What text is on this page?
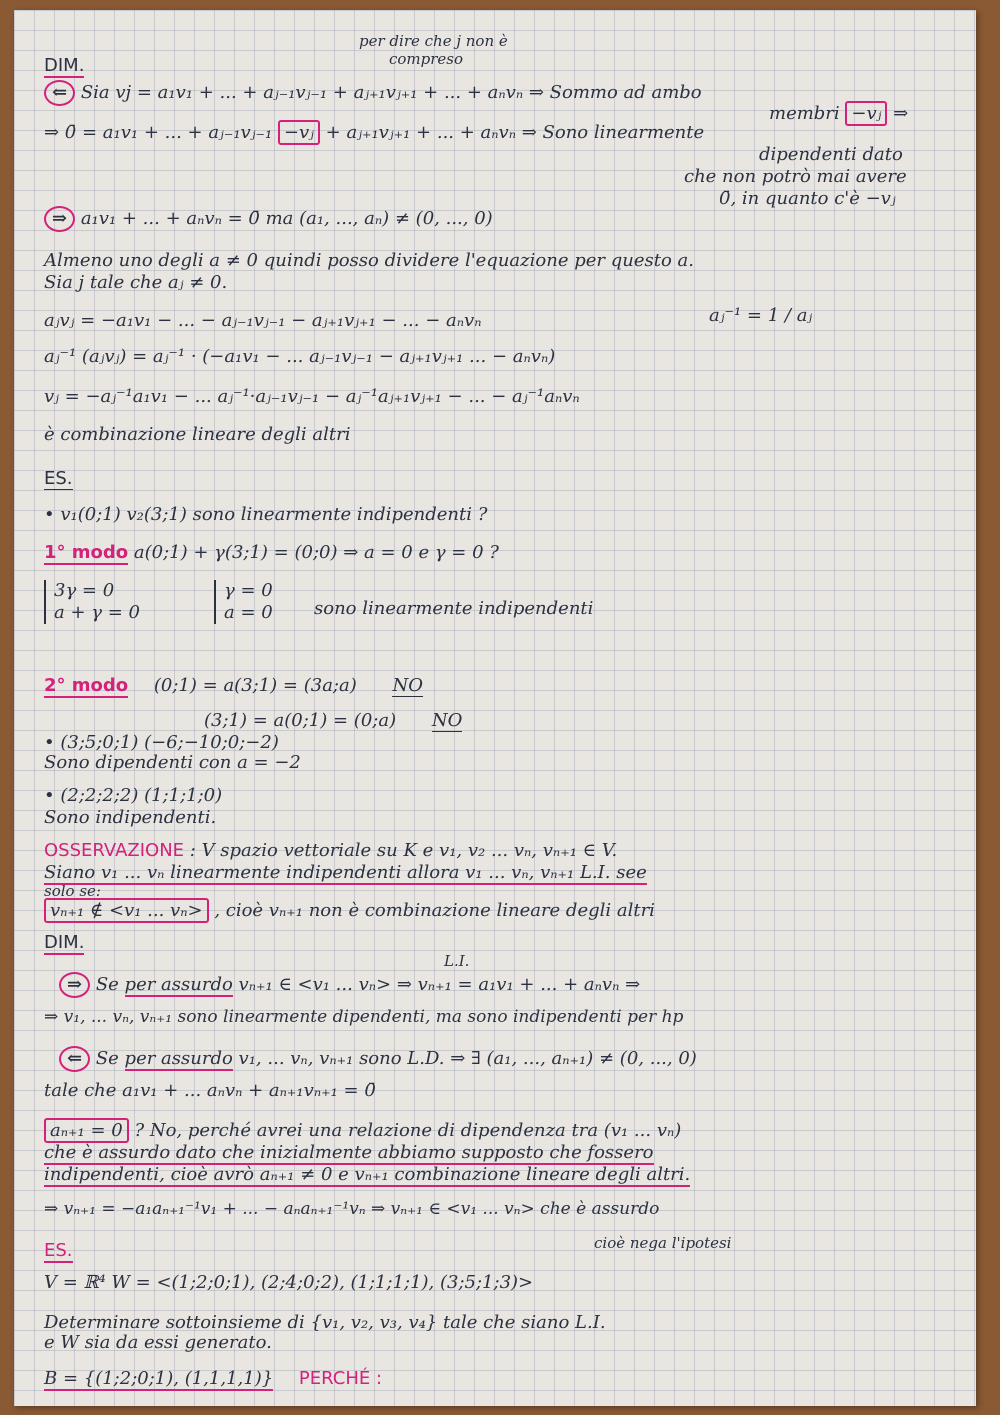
DIM.
per dire che j non è
compreso
⇐ Sia vj = a₁v₁ + ... + aⱼ₋₁vⱼ₋₁ + aⱼ₊₁vⱼ₊₁ + ... + aₙvₙ ⇒ Sommo ad ambo
membri −vⱼ ⇒
⇒ 0̄ = a₁v₁ + ... + aⱼ₋₁vⱼ₋₁ −vⱼ + aⱼ₊₁vⱼ₊₁ + ... + aₙvₙ ⇒ Sono linearmente
dipendenti dato
che non potrò mai avere
0̄, in quanto c'è −vⱼ
⇒ a₁v₁ + ... + aₙvₙ = 0̄ ma (a₁, ..., aₙ) ≠ (0, ..., 0)
Almeno uno degli a ≠ 0 quindi posso dividere l'equazione per questo a.
Sia j tale che aⱼ ≠ 0.
aⱼvⱼ = −a₁v₁ − ... − aⱼ₋₁vⱼ₋₁ − aⱼ₊₁vⱼ₊₁ − ... − aₙvₙ	aⱼ⁻¹ = 1 / aⱼ
aⱼ⁻¹ (aⱼvⱼ) = aⱼ⁻¹ · (−a₁v₁ − ... aⱼ₋₁vⱼ₋₁ − aⱼ₊₁vⱼ₊₁ ... − aₙvₙ)
vⱼ = −aⱼ⁻¹a₁v₁ − ... aⱼ⁻¹·aⱼ₋₁vⱼ₋₁ − aⱼ⁻¹aⱼ₊₁vⱼ₊₁ − ... − aⱼ⁻¹aₙvₙ
è combinazione lineare degli altri
ES.
• v₁(0;1) v₂(3;1) sono linearmente indipendenti ?
1° modo a(0;1) + γ(3;1) = (0;0) ⇒ a = 0 e γ = 0 ?
3γ = 0
a + γ = 0
γ = 0
a = 0	sono linearmente indipendenti
2° modo (0;1) = a(3;1) = (3a;a) NO
(3;1) = a(0;1) = (0;a) NO
• (3;5;0;1) (−6;−10;0;−2)
Sono dipendenti con a = −2
• (2;2;2;2) (1;1;1;0)
Sono indipendenti.
OSSERVAZIONE : V spazio vettoriale su K e v₁, v₂ ... vₙ, vₙ₊₁ ∈ V.
Siano v₁ ... vₙ linearmente indipendenti allora v₁ ... vₙ, vₙ₊₁ L.I. see
solo se:
vₙ₊₁ ∉ <v₁ ... vₙ> , cioè vₙ₊₁ non è combinazione lineare degli altri
DIM.
L.I.
⇒ Se per assurdo vₙ₊₁ ∈ <v₁ ... vₙ> ⇒ vₙ₊₁ = a₁v₁ + ... + aₙvₙ ⇒
⇒ v₁, ... vₙ, vₙ₊₁ sono linearmente dipendenti, ma sono indipendenti per hp
⇐ Se per assurdo v₁, ... vₙ, vₙ₊₁ sono L.D. ⇒ ∃ (a₁, ..., aₙ₊₁) ≠ (0, ..., 0)
tale che a₁v₁ + ... aₙvₙ + aₙ₊₁vₙ₊₁ = 0̄
aₙ₊₁ = 0 ? No, perché avrei una relazione di dipendenza tra (v₁ ... vₙ)
che è assurdo dato che inizialmente abbiamo supposto che fossero
indipendenti, cioè avrò aₙ₊₁ ≠ 0 e vₙ₊₁ combinazione lineare degli altri.
⇒ vₙ₊₁ = −a₁aₙ₊₁⁻¹v₁ + ... − aₙaₙ₊₁⁻¹vₙ ⇒ vₙ₊₁ ∈ <v₁ ... vₙ> che è assurdo
cioè nega l'ipotesi
ES.
V = ℝ⁴ W = <(1;2;0;1), (2;4;0;2), (1;1;1;1), (3;5;1;3)>
Determinare sottoinsieme di {v₁, v₂, v₃, v₄} tale che siano L.I.
e W sia da essi generato.
B = {(1;2;0;1), (1,1,1,1)} PERCHÉ :
